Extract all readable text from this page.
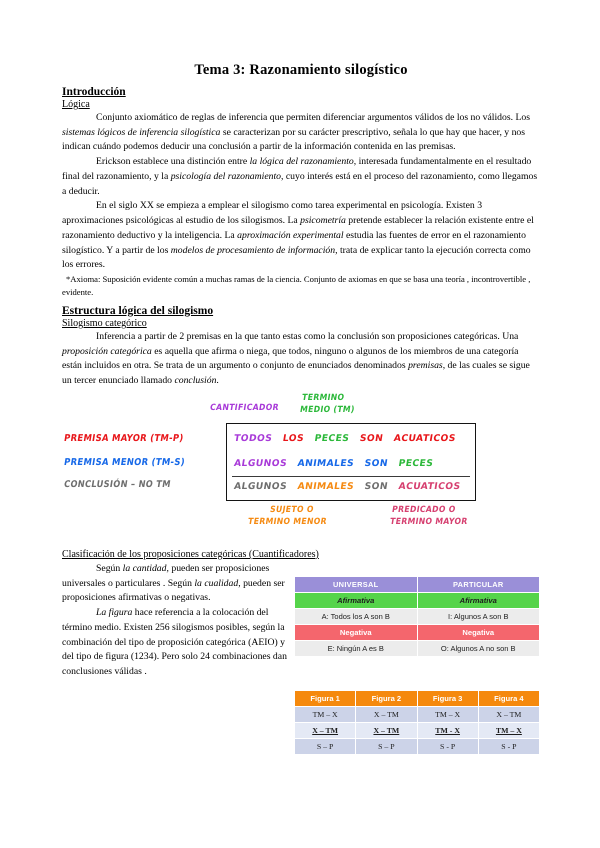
Tema 3: Razonamiento silogístico
Introducción
Lógica

Conjunto axiomático de reglas de inferencia que permiten diferenciar argumentos válidos de los no válidos. Los sistemas lógicos de inferencia silogística se caracterizan por su carácter prescriptivo, señala lo que hay que hacer, y nos indican cuándo podemos deducir una conclusión a partir de la información contenida en las premisas.

Erickson establece una distinción entre la lógica del razonamiento, interesada fundamentalmente en el resultado final del razonamiento, y la psicología del razonamiento, cuyo interés está en el proceso del razonamiento, como llegamos a deducir.

En el siglo XX se empieza a emplear el silogismo como tarea experimental en psicología. Existen 3 aproximaciones psicológicas al estudio de los silogismos. La psicometría pretende establecer la relación existente entre el razonamiento deductivo y la inteligencia. La aproximación experimental estudia las fuentes de error en el razonamiento silogístico. Y a partir de los modelos de procesamiento de información, trata de explicar tanto la ejecución correcta como los errores.

*Axioma: Suposición evidente común a muchas ramas de la ciencia. Conjunto de axiomas en que se basa una teoría , incontrovertible , evidente.

Estructura lógica del silogismo
Silogismo categórico

Inferencia a partir de 2 premisas en la que tanto estas como la conclusión son proposiciones categóricas. Una proposición categórica es aquella que afirma o niega, que todos, ninguno o algunos de los miembros de una categoría están incluidos en otra. Se trata de un argumento o conjunto de enunciados denominados premisas, de las cuales se sigue un tercer enunciado llamado conclusión.

CANTIFICADOR
TERMINO
MEDIO (TM)
PREMISA MAYOR (TM-P)
PREMISA MENOR (TM-S)
CONCLUSIÓN – NO TM
TODOS LOS PECES SON ACUATICOS
ALGUNOS ANIMALES SON PECES
ALGUNOS ANIMALES SON ACUATICOS
SUJETO O
TERMINO MENOR
PREDICADO O
TERMINO MAYOR
Clasificación de los proposiciones categóricas (Cuantificadores)

Según la cantidad, pueden ser proposiciones universales o particulares . Según la cualidad, pueden ser proposiciones afirmativas o negativas.

La figura hace referencia a la colocación del término medio. Existen 256 silogismos posibles, según la combinación del tipo de proposición categórica (AEIO) y del tipo de figura (1234). Pero solo 24 combinaciones dan conclusiones válidas .

UNIVERSAL	PARTICULAR
Afirmativa	Afirmativa
A: Todos los A son B	I: Algunos A son B
Negativa	Negativa
E: Ningún A es B	O: Algunos A no son B
Figura 1	Figura 2	Figura 3	Figura 4
TM – X	X – TM	TM – X	X – TM
X – TM	X – TM	TM - X	TM – X
S – P	S – P	S - P	S - P
